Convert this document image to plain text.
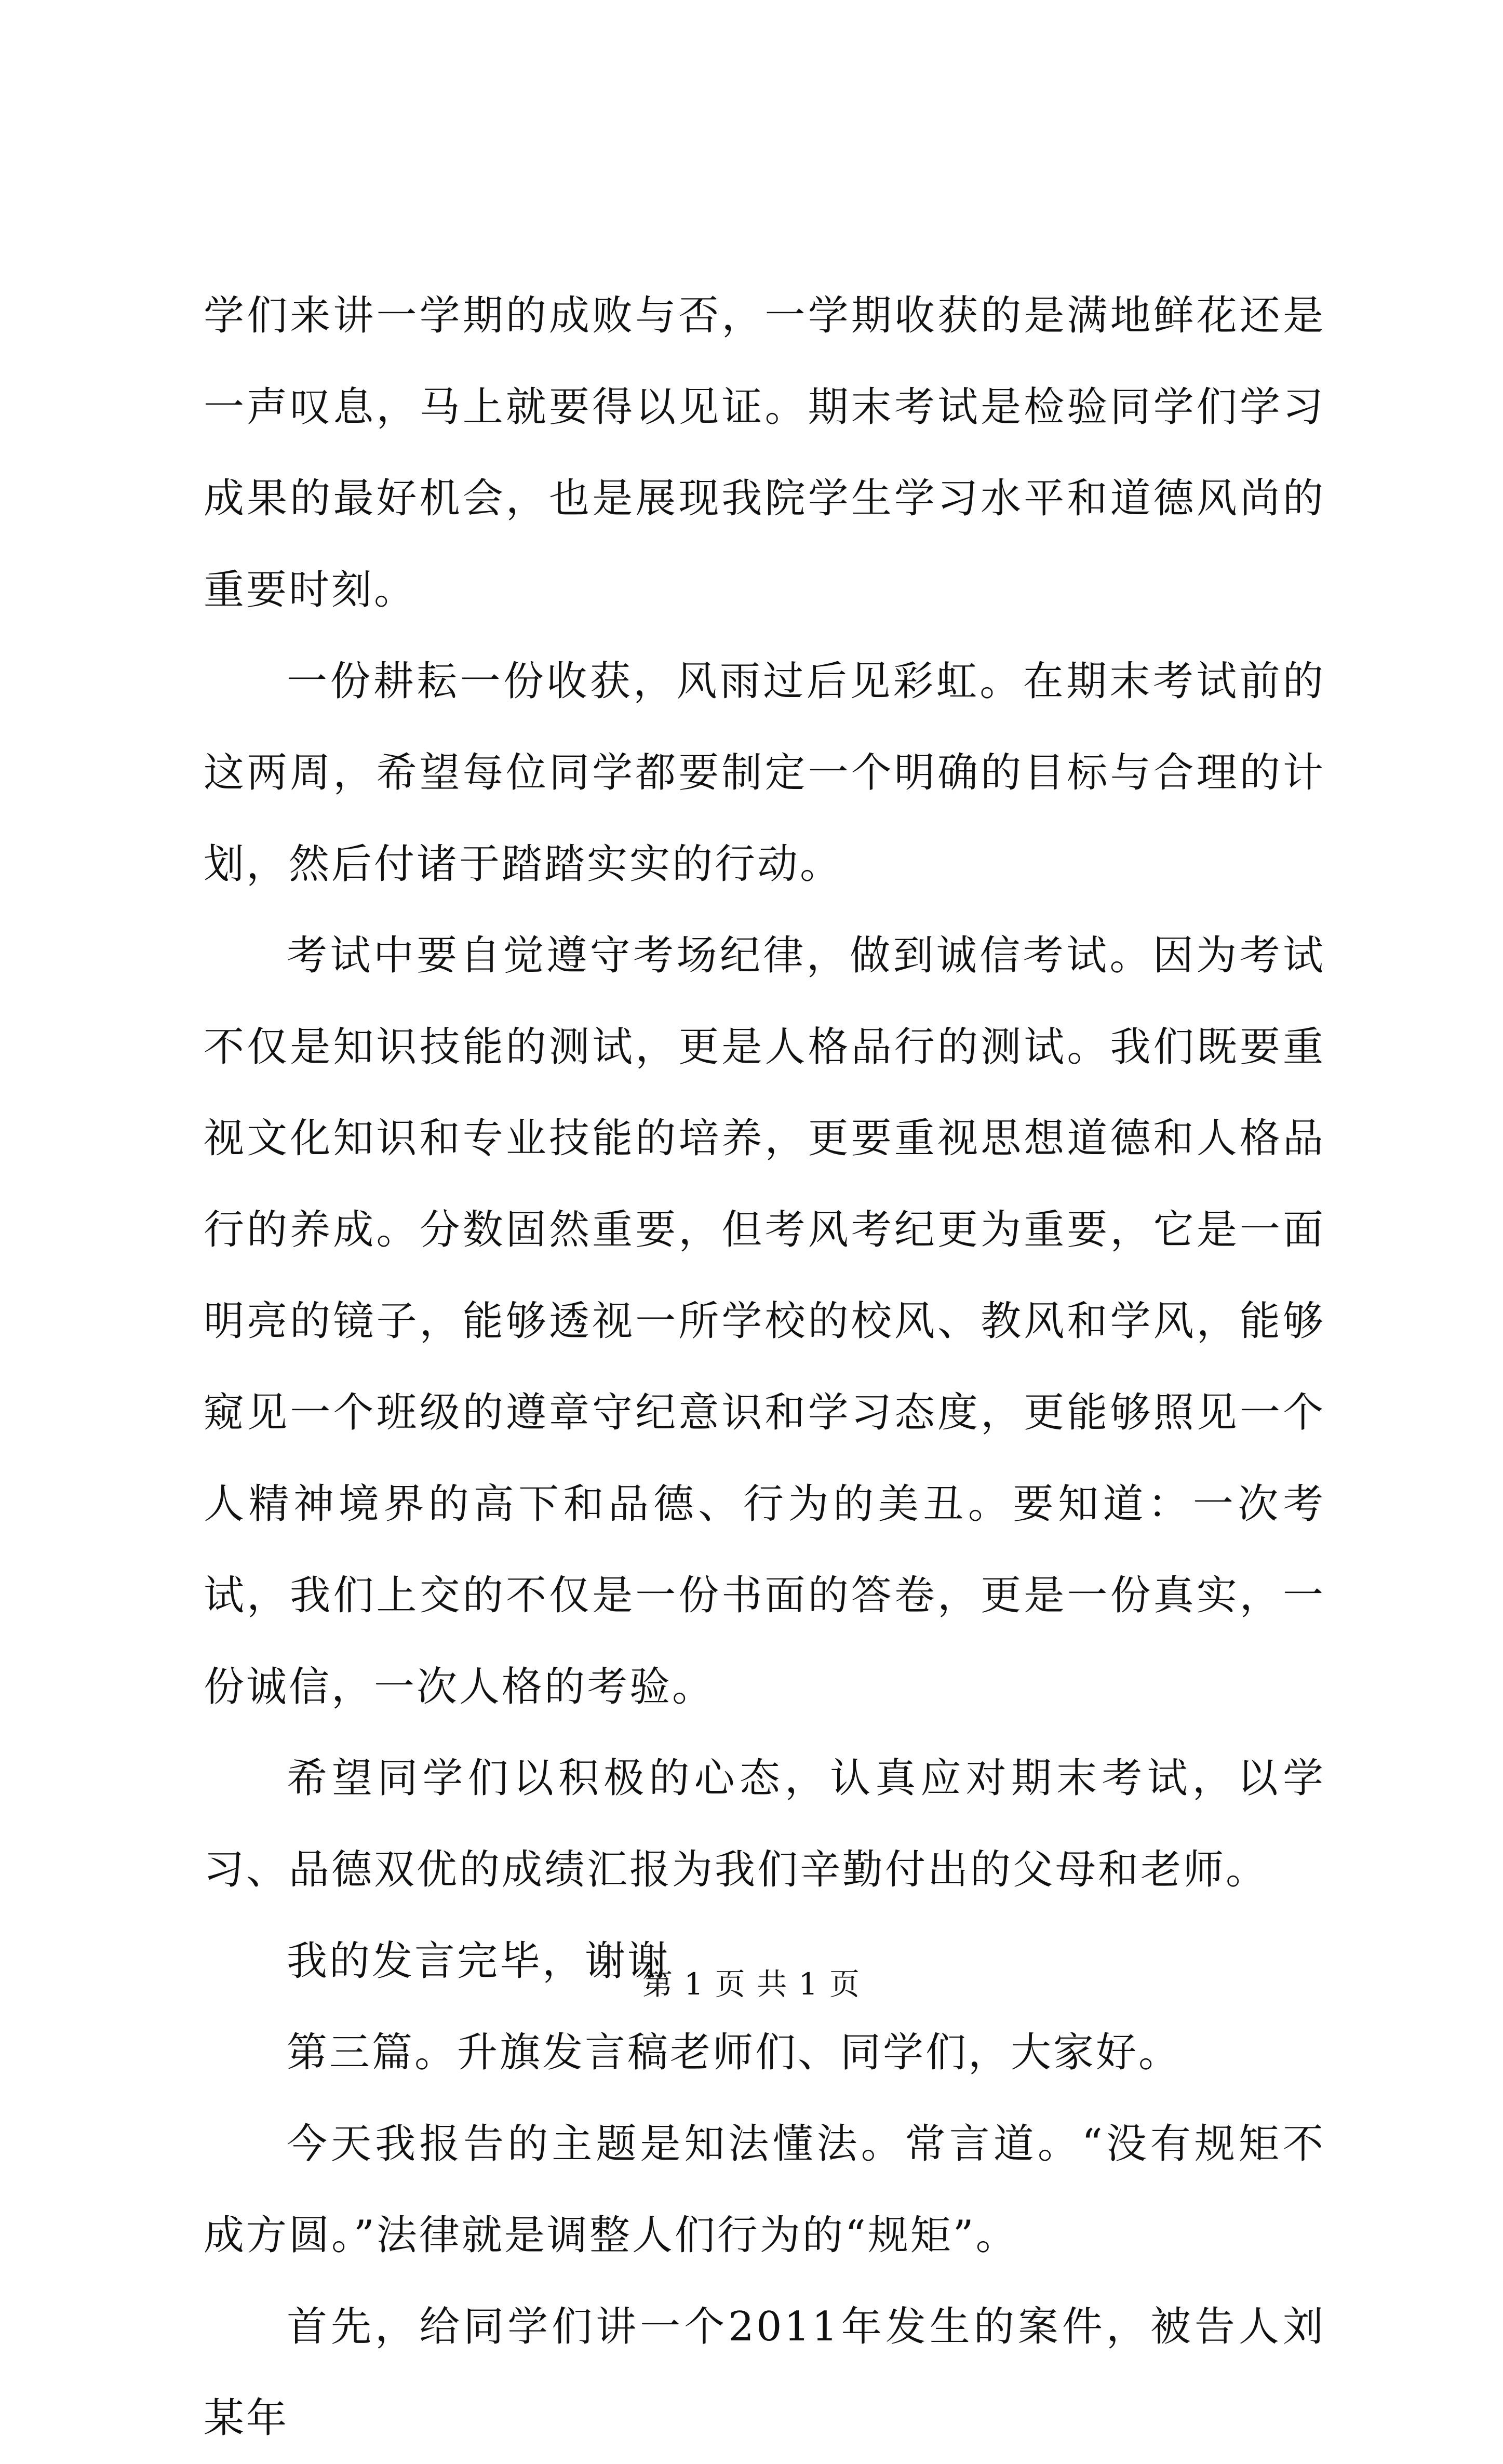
学们来讲一学期的成败与否，一学期收获的是满地鲜花还是一声叹息，马上就要得以见证。期末考试是检验同学们学习成果的最好机会，也是展现我院学生学习水平和道德风尚的重要时刻。

一份耕耘一份收获，风雨过后见彩虹。在期末考试前的这两周，希望每位同学都要制定一个明确的目标与合理的计划，然后付诸于踏踏实实的行动。

考试中要自觉遵守考场纪律，做到诚信考试。因为考试不仅是知识技能的测试，更是人格品行的测试。我们既要重视文化知识和专业技能的培养，更要重视思想道德和人格品行的养成。分数固然重要，但考风考纪更为重要，它是一面明亮的镜子，能够透视一所学校的校风、教风和学风，能够窥见一个班级的遵章守纪意识和学习态度，更能够照见一个人精神境界的高下和品德、行为的美丑。要知道：一次考试，我们上交的不仅是一份书面的答卷，更是一份真实，一份诚信，一次人格的考验。

希望同学们以积极的心态，认真应对期末考试，以学习、品德双优的成绩汇报为我们辛勤付出的父母和老师。

我的发言完毕，谢谢

第三篇。升旗发言稿老师们、同学们，大家好。

今天我报告的主题是知法懂法。常言道。“没有规矩不成方圆。”法律就是调整人们行为的“规矩”。

首先，给同学们讲一个2011年发生的案件，被告人刘某年

第 1 页 共 1 页
